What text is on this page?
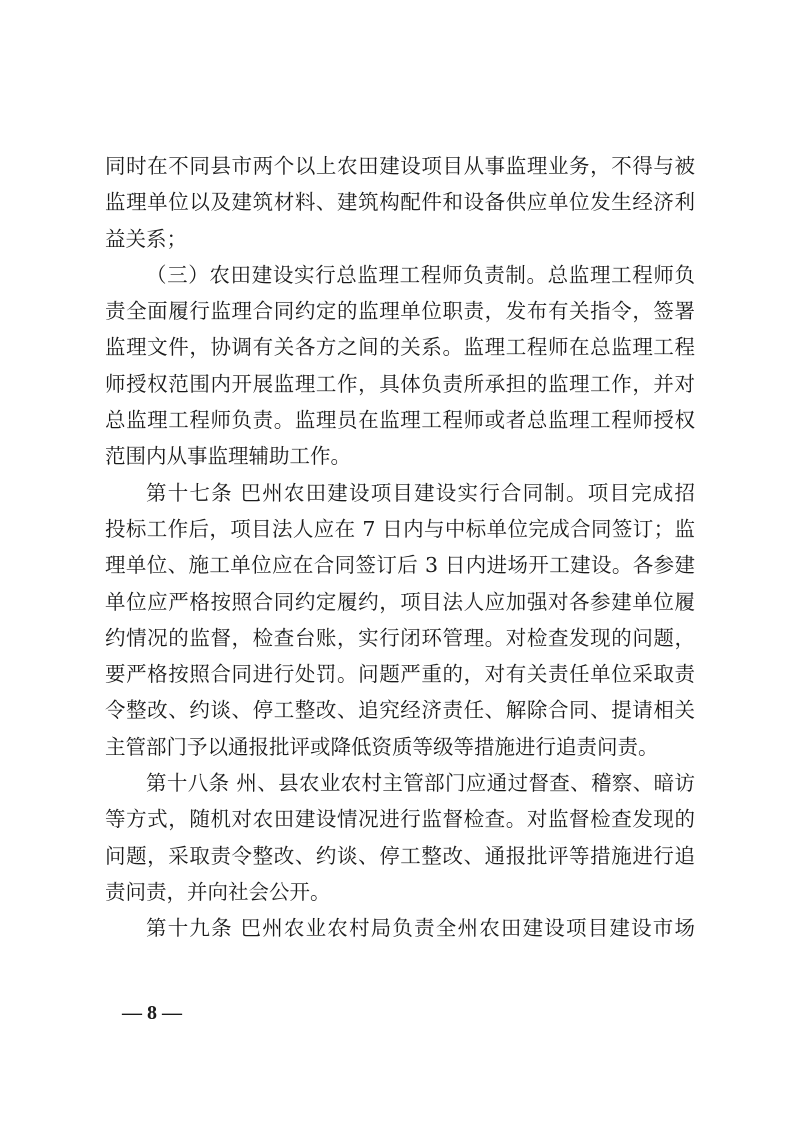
同时在不同县市两个以上农田建设项目从事监理业务，不得与被
监理单位以及建筑材料、建筑构配件和设备供应单位发生经济利
益关系；
（三）农田建设实行总监理工程师负责制。总监理工程师负
责全面履行监理合同约定的监理单位职责，发布有关指令，签署
监理文件，协调有关各方之间的关系。监理工程师在总监理工程
师授权范围内开展监理工作，具体负责所承担的监理工作，并对
总监理工程师负责。监理员在监理工程师或者总监理工程师授权
范围内从事监理辅助工作。
第十七条 巴州农田建设项目建设实行合同制。项目完成招
投标工作后，项目法人应在 7 日内与中标单位完成合同签订；监
理单位、施工单位应在合同签订后 3 日内进场开工建设。各参建
单位应严格按照合同约定履约，项目法人应加强对各参建单位履
约情况的监督，检查台账，实行闭环管理。对检查发现的问题，
要严格按照合同进行处罚。问题严重的，对有关责任单位采取责
令整改、约谈、停工整改、追究经济责任、解除合同、提请相关
主管部门予以通报批评或降低资质等级等措施进行追责问责。
第十八条 州、县农业农村主管部门应通过督查、稽察、暗访
等方式，随机对农田建设情况进行监督检查。对监督检查发现的
问题，采取责令整改、约谈、停工整改、通报批评等措施进行追
责问责，并向社会公开。
第十九条 巴州农业农村局负责全州农田建设项目建设市场
— 8 —
